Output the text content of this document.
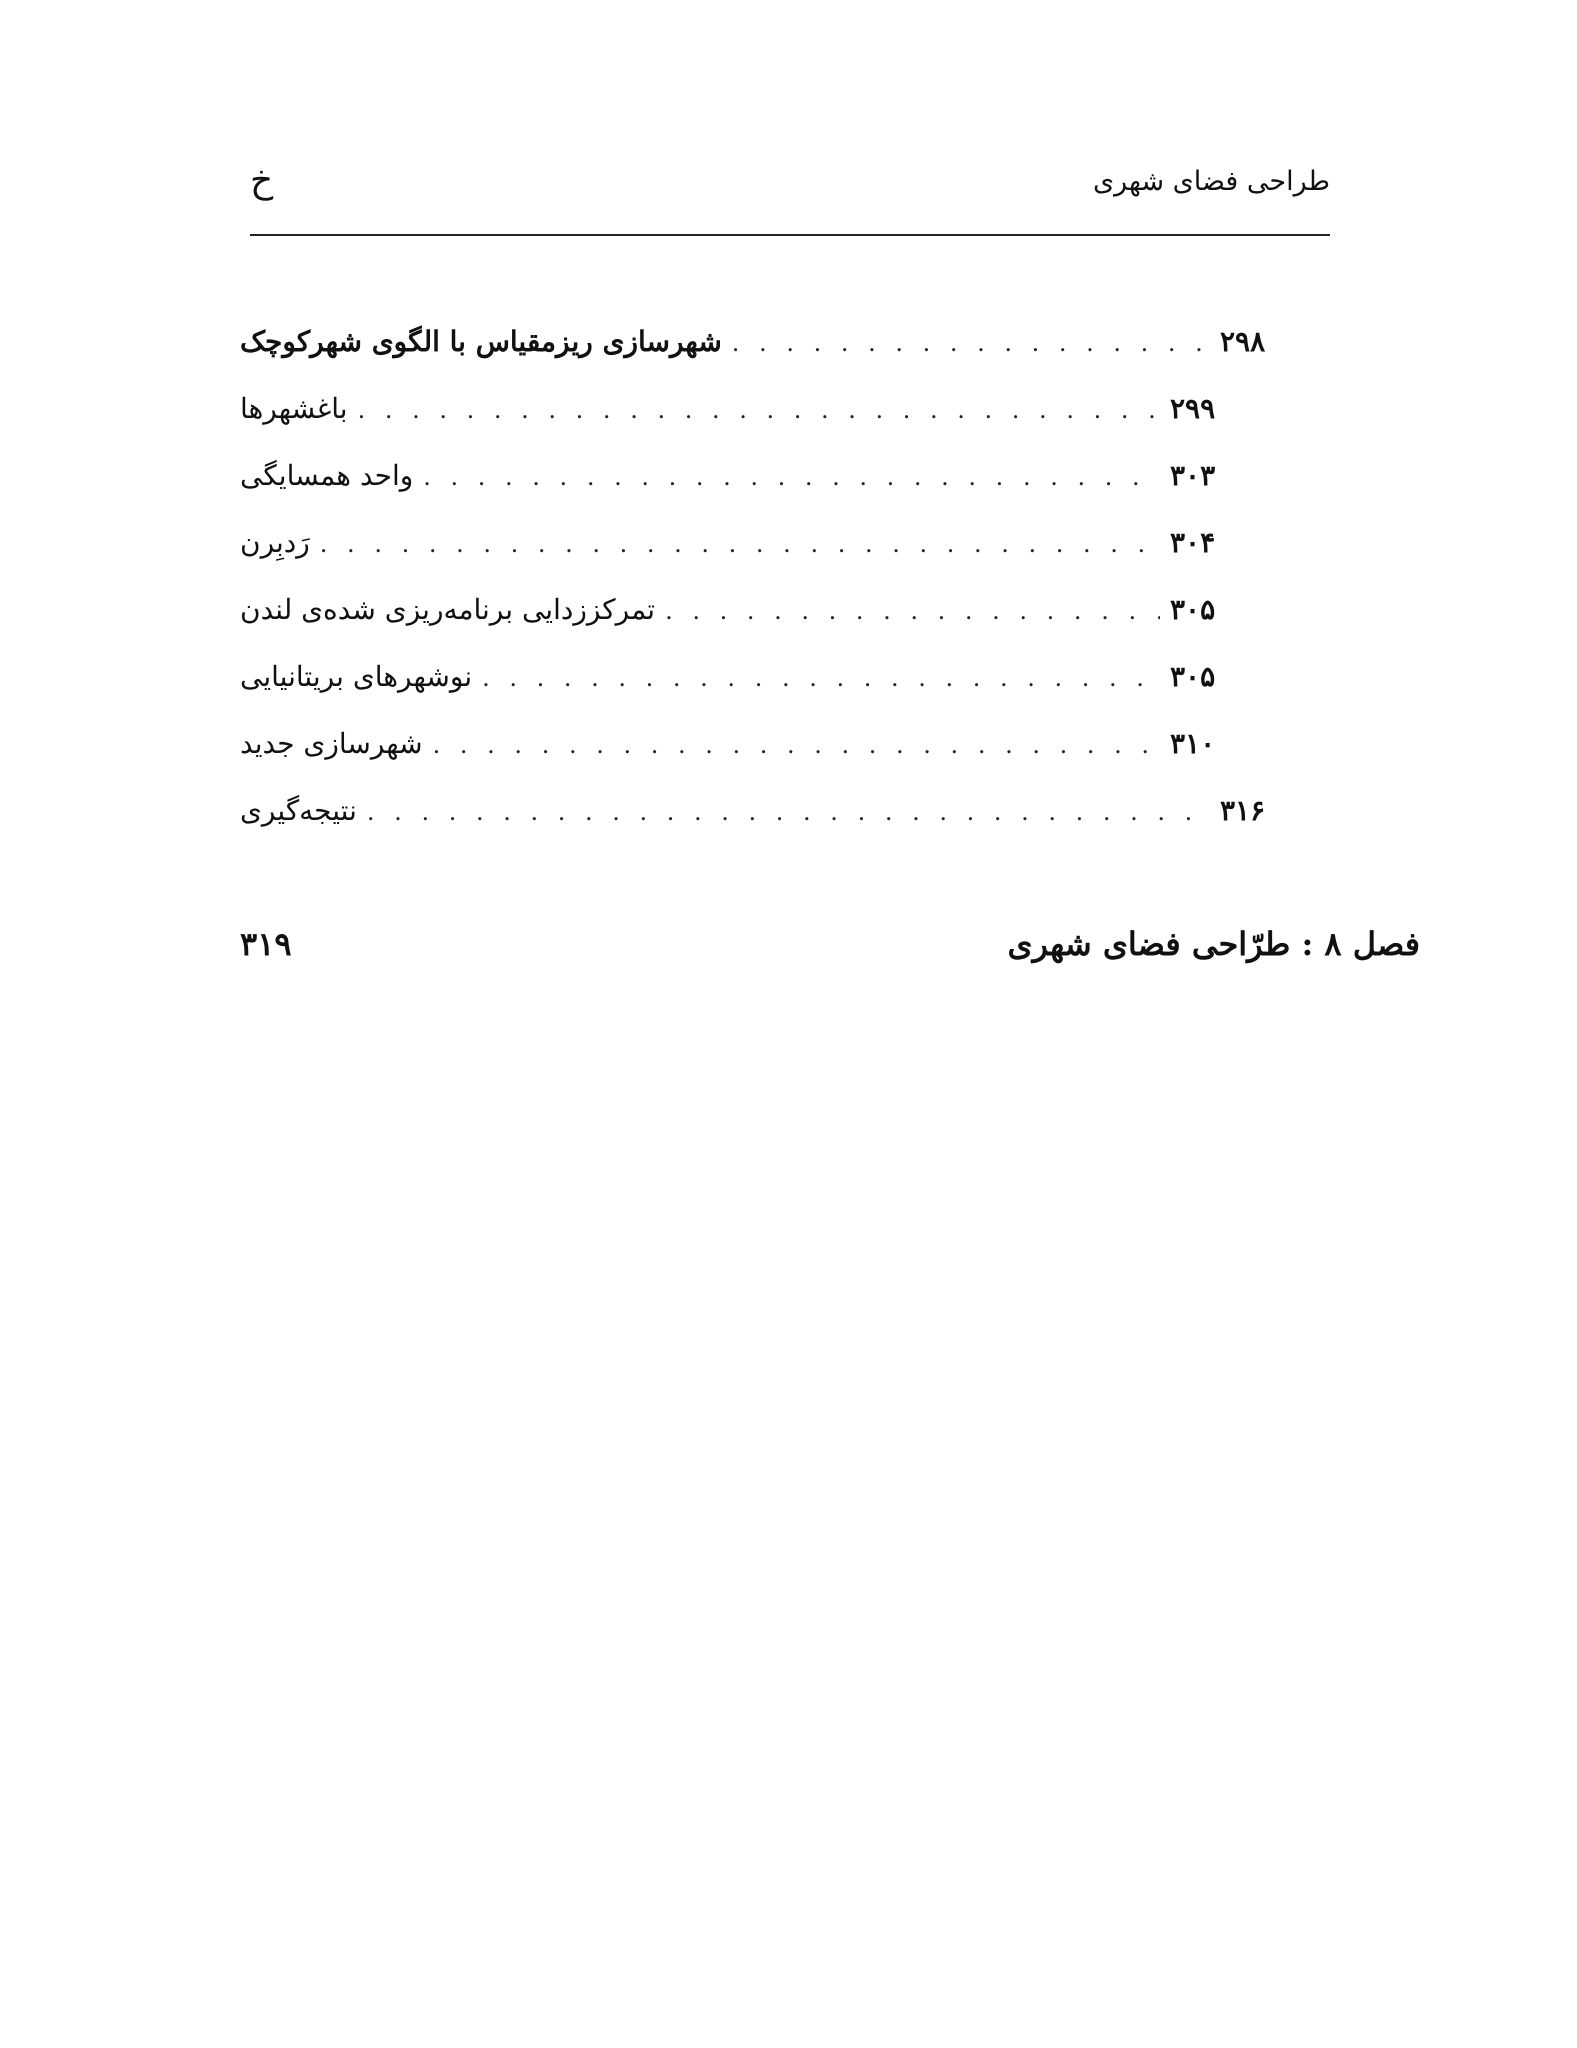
خ	طراحی فضای شهری
شهرسازی ریزمقیاس با الگوی شهرکوچک . . .	۲۹۸
باغشهرها . . .	۲۹۹
واحد همسایگی . . .	۳۰۳
رَدبِرن . . .	۳۰۴
تمرکززدایی برنامه‌ریزی شده‌ی لندن . . .	۳۰۵
نوشهرهای بریتانیایی . . .	۳۰۵
شهرسازی جدید . . .	۳۱۰
نتیجه‌گیری . . .	۳۱۶
فصل ۸ : طرّاحی فضای شهری
۳۱۹
